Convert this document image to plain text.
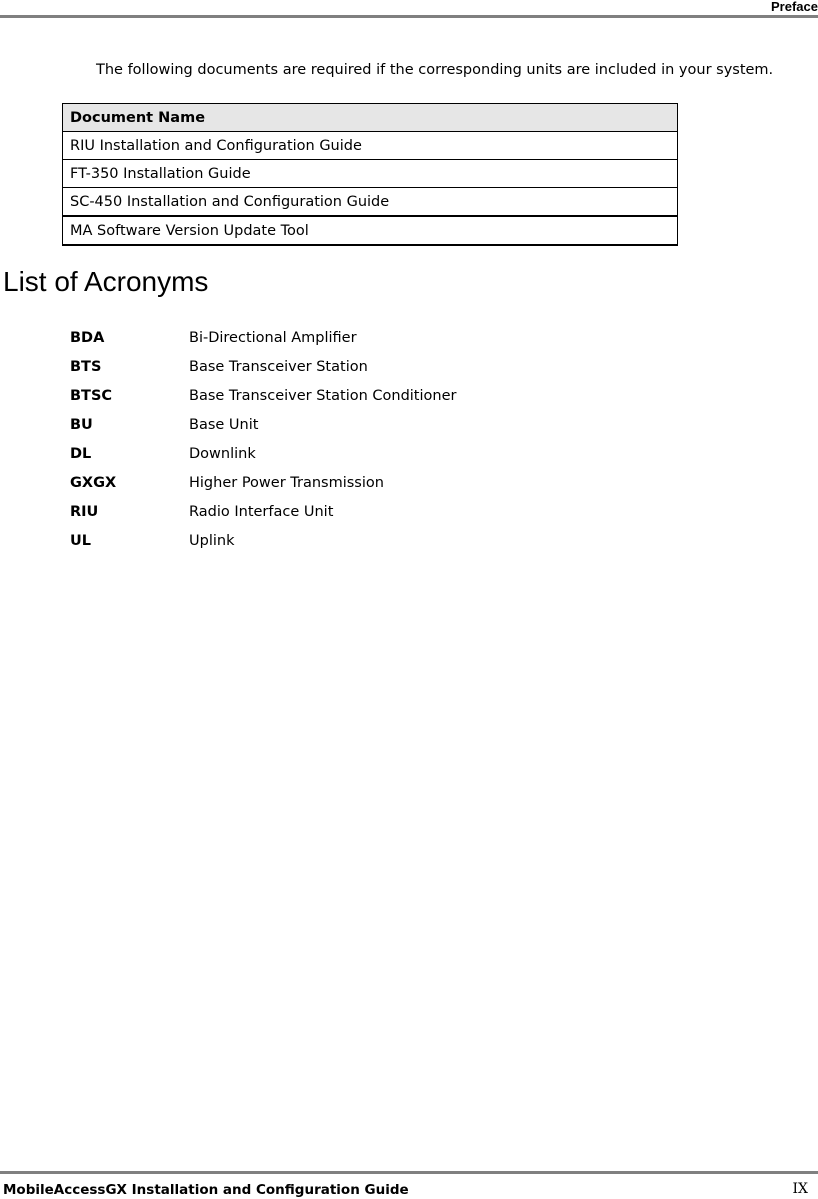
Preface

The following documents are required if the corresponding units are included in your system.

Document Name
RIU Installation and Configuration Guide
FT-350 Installation Guide
SC-450 Installation and Configuration Guide
MA Software Version Update Tool
List of Acronyms
BDA	Bi-Directional Amplifier
BTS	Base Transceiver Station
BTSC	Base Transceiver Station Conditioner
BU	Base Unit
DL	Downlink
GXGX	Higher Power Transmission
RIU	Radio Interface Unit
UL	Uplink
MobileAccessGX Installation and Configuration Guide	IX
